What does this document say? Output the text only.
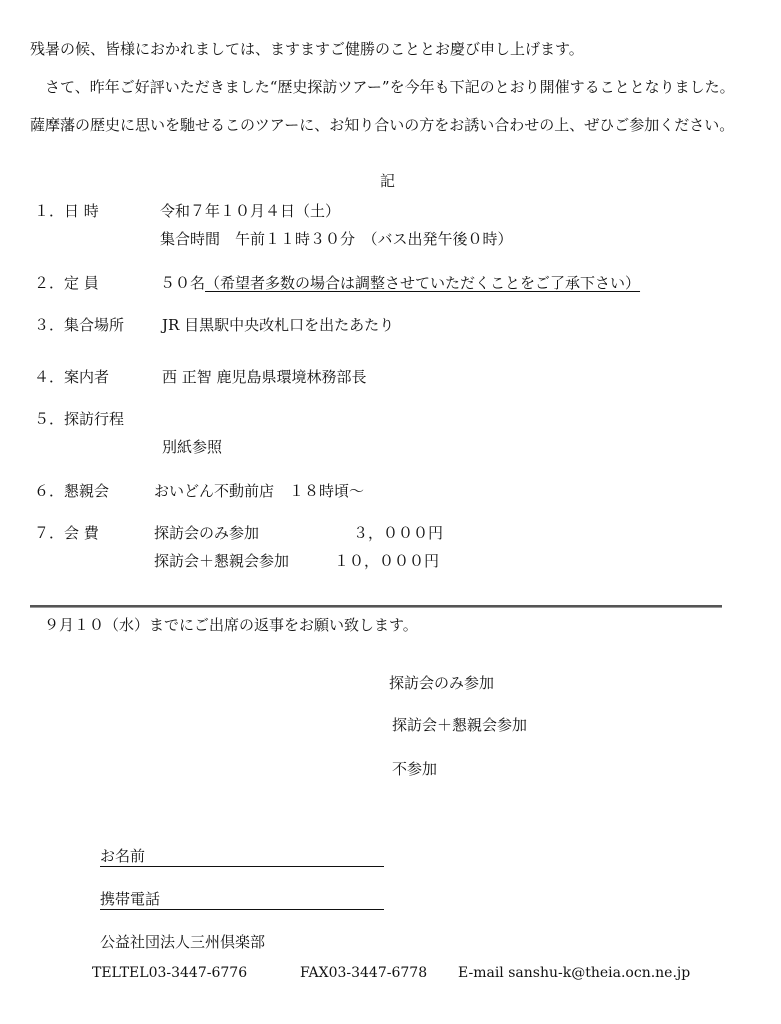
残暑の候、皆様におかれましては、ますますご健勝のこととお慶び申し上げます。

さて、昨年ご好評いただきました“歴史探訪ツアー”を今年も下記のとおり開催することとなりました。薩摩藩の歴史に思いを馳せるこのツアーに、お知り合いの方をお誘い合わせの上、ぜひご参加ください。

記
１．日 時	令和７年１０月４日（土）
集合時間　午前１１時３０分　（バス出発午後０時）
２．定 員	５０名（希望者多数の場合は調整させていただくことをご了承下さい）
３．集合場所	JR 目黒駅中央改札口を出たあたり
４．案内者	西 正智 鹿児島県環境林務部長
５．探訪行程
別紙参照
６．懇親会	おいどん不動前店　１８時頃～
７．会 費	探訪会のみ参加	３，０００円
探訪会＋懇親会参加	１０，０００円
９月１０（水）までにご出席の返事をお願い致します。
探訪会のみ参加
探訪会＋懇親会参加
不参加
お名前
携帯電話
公益社団法人三州倶楽部
TELTEL03-3447-6776	FAX03-3447-6778 E-mail sanshu-k@theia.ocn.ne.jp
